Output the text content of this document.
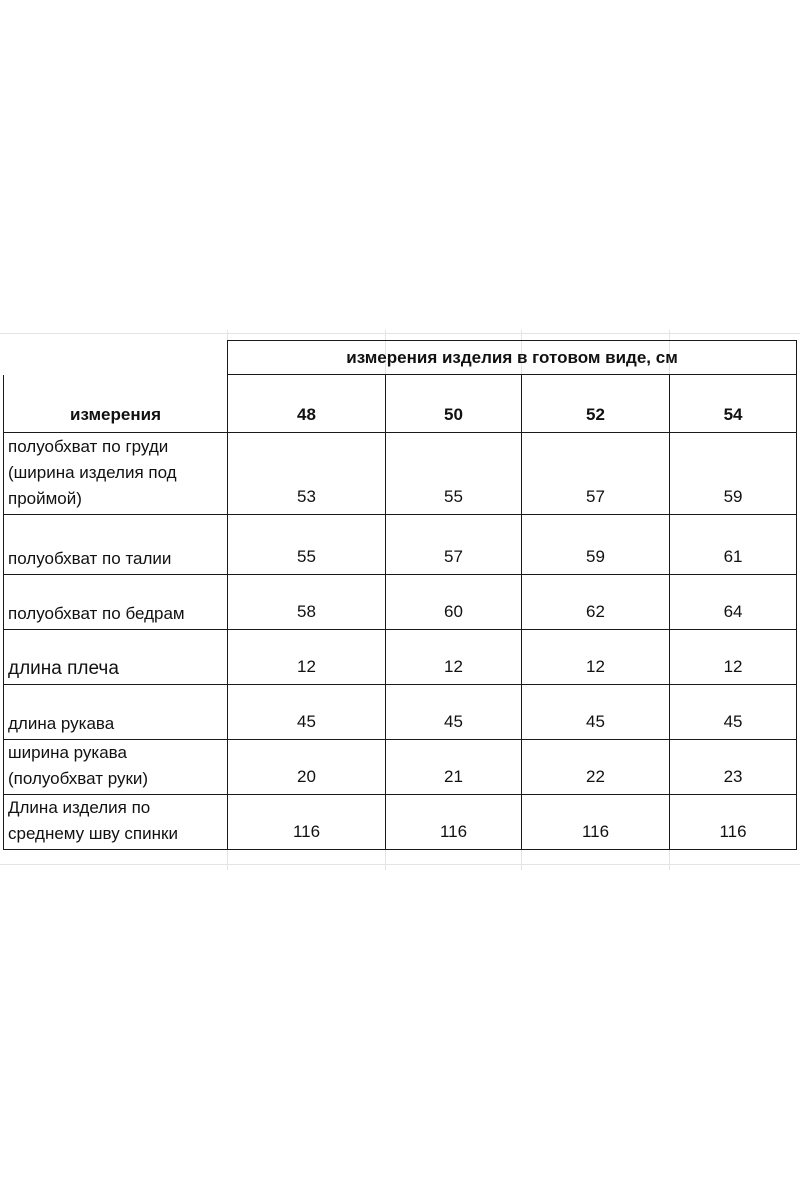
	измерения изделия в готовом виде, см			
измерения	48	50	52	54
полуобхват по груди (ширина изделия под проймой)	53	55	57	59
полуобхват по талии	55	57	59	61
полуобхват по бедрам	58	60	62	64
длина плеча	12	12	12	12
длина рукава	45	45	45	45
ширина рукава (полуобхват руки)	20	21	22	23
Длина изделия по среднему шву спинки	116	116	116	116
